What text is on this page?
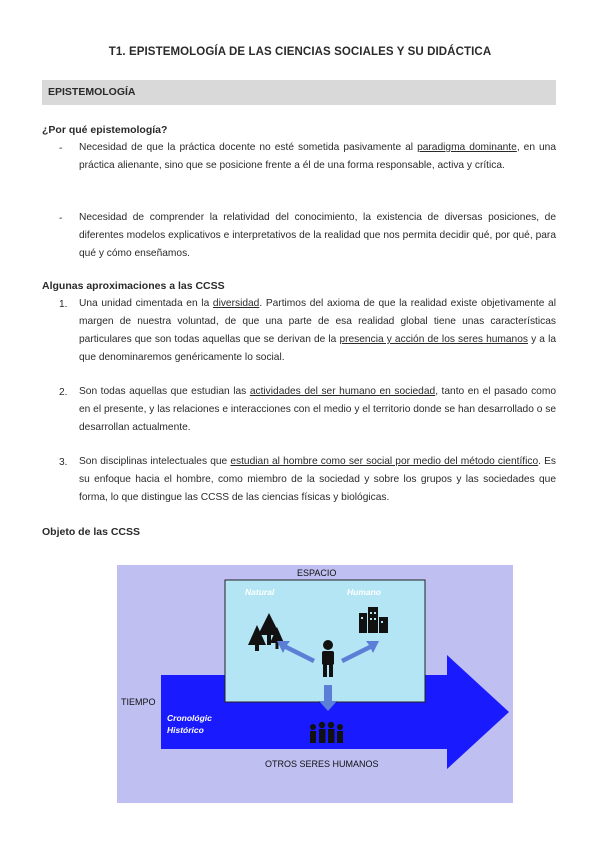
T1. EPISTEMOLOGÍA DE LAS CIENCIAS SOCIALES Y SU DIDÁCTICA
EPISTEMOLOGÍA
¿Por qué epistemología?
- Necesidad de que la práctica docente no esté sometida pasivamente al paradigma dominante, en una práctica alienante, sino que se posicione frente a él de una forma responsable, activa y crítica.
- Necesidad de comprender la relatividad del conocimiento, la existencia de diversas posiciones, de diferentes modelos explicativos e interpretativos de la realidad que nos permita decidir qué, por qué, para qué y cómo enseñamos.
Algunas aproximaciones a las CCSS
1. Una unidad cimentada en la diversidad. Partimos del axioma de que la realidad existe objetivamente al margen de nuestra voluntad, de que una parte de esa realidad global tiene unas características particulares que son todas aquellas que se derivan de la presencia y acción de los seres humanos y a la que denominaremos genéricamente lo social.
2. Son todas aquellas que estudian las actividades del ser humano en sociedad, tanto en el pasado como en el presente, y las relaciones e interacciones con el medio y el territorio donde se han desarrollado o se desarrollan actualmente.
3. Son disciplinas intelectuales que estudian al hombre como ser social por medio del método científico. Es su enfoque hacia el hombre, como miembro de la sociedad y sobre los grupos y las sociedades que forma, lo que distingue las CCSS de las ciencias físicas y biológicas.
Objeto de las CCSS
ESPACIO
Natural	Humano
TIEMPO
Cronológic
Histórico
OTROS SERES HUMANOS
